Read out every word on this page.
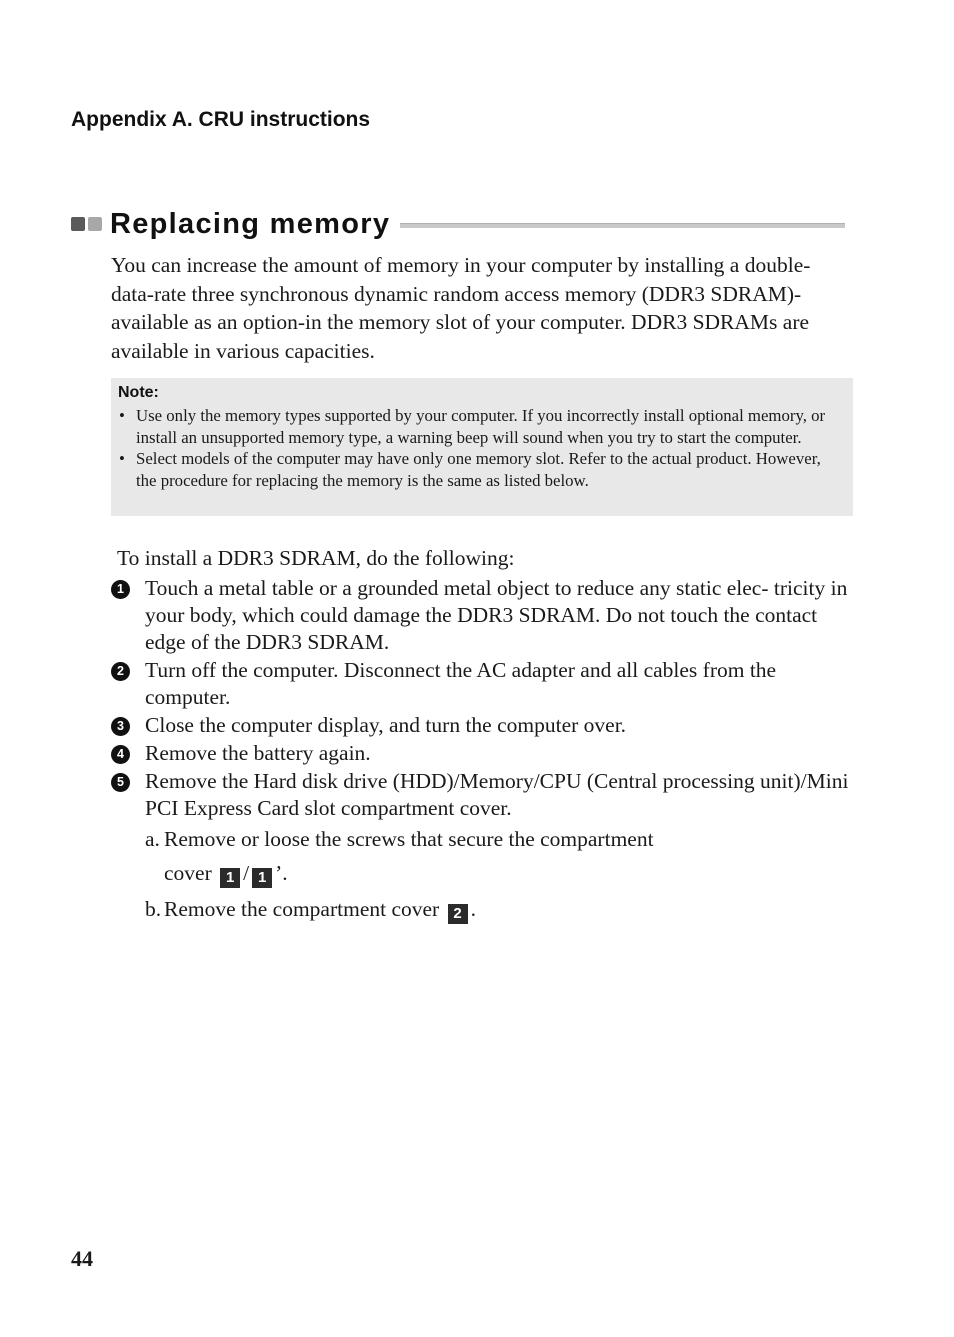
Appendix A. CRU instructions
Replacing memory

You can increase the amount of memory in your computer by installing a double-data-rate three synchronous dynamic random access memory (DDR3 SDRAM)-available as an option-in the memory slot of your computer. DDR3 SDRAMs are available in various capacities.

Note:
• Use only the memory types supported by your computer. If you incorrectly install optional memory, or install an unsupported memory type, a warning beep will sound when you try to start the computer.
• Select models of the computer may have only one memory slot. Refer to the actual product. However, the procedure for replacing the memory is the same as listed below.

To install a DDR3 SDRAM, do the following:

1 Touch a metal table or a grounded metal object to reduce any static elec- tricity in your body, which could damage the DDR3 SDRAM. Do not touch the contact edge of the DDR3 SDRAM.
2 Turn off the computer. Disconnect the AC adapter and all cables from the computer.
3 Close the computer display, and turn the computer over.
4 Remove the battery again.
5 Remove the Hard disk drive (HDD)/Memory/CPU (Central processing unit)/Mini PCI Express Card slot compartment cover.
a. Remove or loose the screws that secure the compartment
cover 1 / 1 ’.
b. Remove the compartment cover 2 .
44
